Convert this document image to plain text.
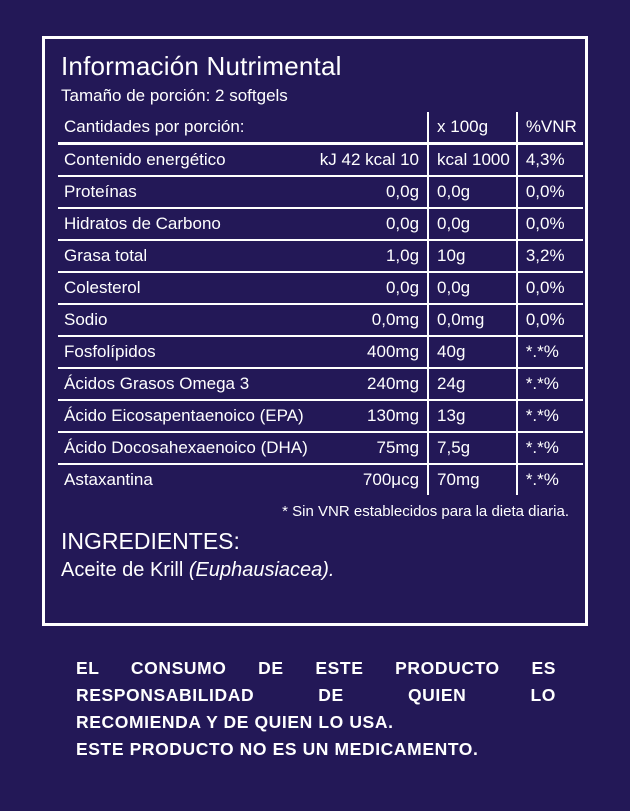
Información Nutrimental
Tamaño de porción: 2 softgels
Cantidades por porción:		x 100g	%VNR
Contenido energético	kJ 42 kcal 10	kcal 1000	4,3%
Proteínas	0,0g	0,0g	0,0%
Hidratos de Carbono	0,0g	0,0g	0,0%
Grasa total	1,0g	10g	3,2%
Colesterol	0,0g	0,0g	0,0%
Sodio	0,0mg	0,0mg	0,0%
Fosfolípidos	400mg	40g	*.*%
Ácidos Grasos Omega 3	240mg	24g	*.*%
Ácido Eicosapentaenoico (EPA)	130mg	13g	*.*%
Ácido Docosahexaenoico (DHA)	75mg	7,5g	*.*%
Astaxantina	700μcg	70mg	*.*%
* Sin VNR establecidos para la dieta diaria.
INGREDIENTES:
Aceite de Krill (Euphausiacea).
EL CONSUMO DE ESTE PRODUCTO ES
RESPONSABILIDAD DE QUIEN LO
RECOMIENDA Y DE QUIEN LO USA.
ESTE PRODUCTO NO ES UN MEDICAMENTO.
